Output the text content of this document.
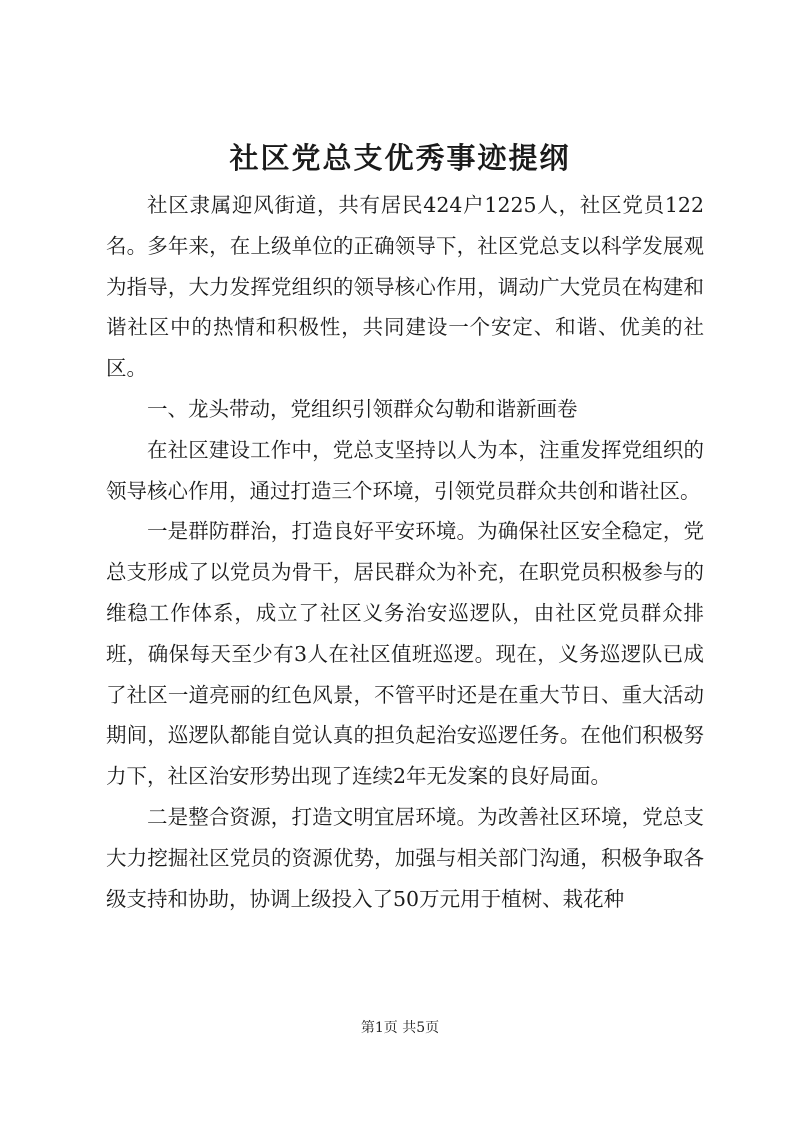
社区党总支优秀事迹提纲

社区隶属迎风街道，共有居民424户1225人，社区党员122名。多年来，在上级单位的正确领导下，社区党总支以科学发展观为指导，大力发挥党组织的领导核心作用，调动广大党员在构建和谐社区中的热情和积极性，共同建设一个安定、和谐、优美的社区。

一、龙头带动，党组织引领群众勾勒和谐新画卷

在社区建设工作中，党总支坚持以人为本，注重发挥党组织的领导核心作用，通过打造三个环境，引领党员群众共创和谐社区。

一是群防群治，打造良好平安环境。为确保社区安全稳定，党总支形成了以党员为骨干，居民群众为补充，在职党员积极参与的维稳工作体系，成立了社区义务治安巡逻队，由社区党员群众排班，确保每天至少有3人在社区值班巡逻。现在，义务巡逻队已成了社区一道亮丽的红色风景，不管平时还是在重大节日、重大活动期间，巡逻队都能自觉认真的担负起治安巡逻任务。在他们积极努力下，社区治安形势出现了连续2年无发案的良好局面。

二是整合资源，打造文明宜居环境。为改善社区环境，党总支大力挖掘社区党员的资源优势，加强与相关部门沟通，积极争取各级支持和协助，协调上级投入了50万元用于植树、栽花种

第1页 共5页
